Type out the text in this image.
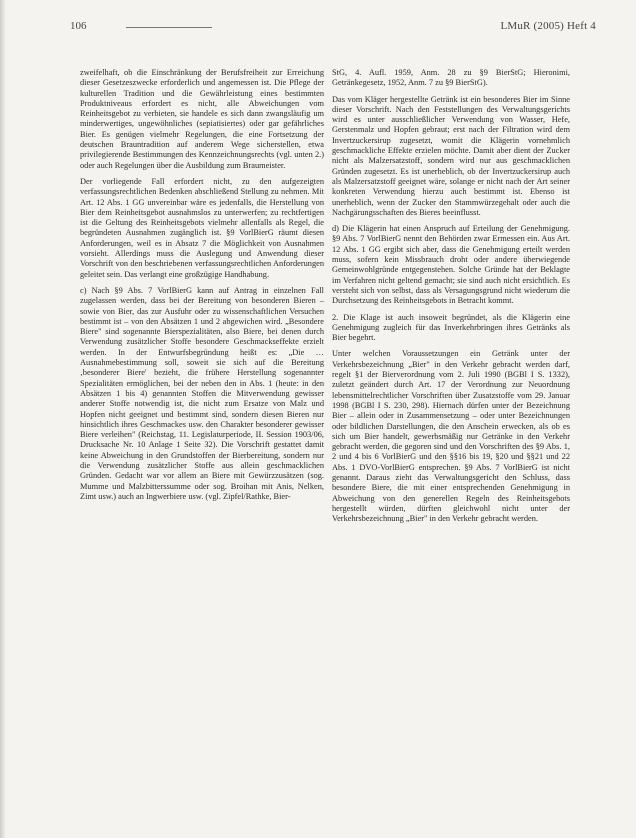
106	LMuR (2005) Heft 4

zweifelhaft, ob die Einschränkung der Berufsfreiheit zur Erreichung dieser Gesetzeszwecke erforderlich und angemessen ist. Die Pflege der kulturellen Tradition und die Gewährleistung eines bestimmten Produktniveaus erfordert es nicht, alle Abweichungen vom Reinheitsgebot zu verbieten, sie handele es sich dann zwangsläufig um minderwertiges, ungewöhnliches (sepiatisiertes) oder gar gefährliches Bier. Es genügen vielmehr Regelungen, die eine Fortsetzung der deutschen Brauntradition auf anderem Wege sicherstellen, etwa privilegierende Bestimmungen des Kennzeichnungsrechts (vgl. unten 2.) oder auch Regelungen über die Ausbildung zum Braumeister.

Der vorliegende Fall erfordert nicht, zu den aufgezeigten verfassungsrechtlichen Bedenken abschließend Stellung zu nehmen. Mit Art. 12 Abs. 1 GG unvereinbar wäre es jedenfalls, die Herstellung von Bier dem Reinheitsgebot ausnahmslos zu unterwerfen; zu rechtfertigen ist die Geltung des Reinheitsgebots vielmehr allenfalls als Regel, die begründeten Ausnahmen zugänglich ist. §9 VorlBierG räumt diesen Anforderungen, weil es in Absatz 7 die Möglichkeit von Ausnahmen vorsieht. Allerdings muss die Auslegung und Anwendung dieser Vorschrift von den beschriebenen verfassungsrechtlichen Anforderungen geleitet sein. Das verlangt eine großzügige Handhabung.

c) Nach §9 Abs. 7 VorlBierG kann auf Antrag in einzelnen Fall zugelassen werden, dass bei der Bereitung von besonderen Bieren – sowie von Bier, das zur Ausfuhr oder zu wissenschaftlichen Versuchen bestimmt ist – von den Absätzen 1 und 2 abgewichen wird. „Besondere Biere" sind sogenannte Bierspezialitäten, also Biere, bei denen durch Verwendung zusätzlicher Stoffe besondere Geschmackseffekte erzielt werden. In der Entwurfsbegründung heißt es: „Die … Ausnahmebestimmung soll, soweit sie sich auf die Bereitung ‚besonderer Biere' bezieht, die frühere Herstellung sogenannter Spezialitäten ermöglichen, bei der neben den in Abs. 1 (heute: in den Absätzen 1 bis 4) genannten Stoffen die Mitverwendung gewisser anderer Stoffe notwendig ist, die nicht zum Ersatze von Malz und Hopfen nicht geeignet und bestimmt sind, sondern diesen Bieren nur hinsichtlich ihres Geschmackes usw. den Charakter besonderer gewisser Biere verleihen" (Reichstag, 11. Legislaturperiode, II. Session 1903/06, Drucksache Nr. 10 Anlage 1 Seite 32). Die Vorschrift gestattet damit keine Abweichung in den Grundstoffen der Bierbereitung, sondern nur die Verwendung zusätzlicher Stoffe aus allein geschmacklichen Gründen. Gedacht war vor allem an Biere mit Gewürzzusätzen (sog. Mumme und Malzbitterssumme oder sog. Broihan mit Anis, Nelken, Zimt usw.) auch an Ingwerbiere usw. (vgl. Zipfel/Rathke, Bier-

StG, 4. Aufl. 1959, Anm. 28 zu §9 BierStG; Hieronimi, Getränkegesetz, 1952, Anm. 7 zu §9 BierStG).

Das vom Kläger hergestellte Getränk ist ein besonderes Bier im Sinne dieser Vorschrift. Nach den Feststellungen des Verwaltungsgerichts wird es unter ausschließlicher Verwendung von Wasser, Hefe, Gerstenmalz und Hopfen gebraut; erst nach der Filtration wird dem Invertzuckersirup zugesetzt, womit die Klägerin vornehmlich geschmackliche Effekte erzielen möchte. Damit aber dient der Zucker nicht als Malzersatzstoff, sondern wird nur aus geschmacklichen Gründen zugesetzt. Es ist unerheblich, ob der Invertzuckersirup auch als Malzersatzstoff geeignet wäre, solange er nicht nach der Art seiner konkreten Verwendung hierzu auch bestimmt ist. Ebenso ist unerheblich, wenn der Zucker den Stammwürzegehalt oder auch die Nachgärungsschaften des Bieres beeinflusst.

d) Die Klägerin hat einen Anspruch auf Erteilung der Genehmigung. §9 Abs. 7 VorlBierG nennt den Behörden zwar Ermessen ein. Aus Art. 12 Abs. 1 GG ergibt sich aber, dass die Genehmigung erteilt werden muss, sofern kein Missbrauch droht oder andere überwiegende Gemeinwohlgründe entgegenstehen. Solche Gründe hat der Beklagte im Verfahren nicht geltend gemacht; sie sind auch nicht ersichtlich. Es versteht sich von selbst, dass als Versagungsgrund nicht wiederum die Durchsetzung des Reinheitsgebots in Betracht kommt.

2. Die Klage ist auch insoweit begründet, als die Klägerin eine Genehmigung zugleich für das Inverkehrbringen ihres Getränks als Bier begehrt.

Unter welchen Voraussetzungen ein Getränk unter der Verkehrsbezeichnung „Bier" in den Verkehr gebracht werden darf, regelt §1 der Bierverordnung vom 2. Juli 1990 (BGBl I S. 1332), zuletzt geändert durch Art. 17 der Verordnung zur Neuordnung lebensmittelrechtlicher Vorschriften über Zusatzstoffe vom 29. Januar 1998 (BGBl I S. 230, 298). Hiernach dürfen unter der Bezeichnung Bier – allein oder in Zusammensetzung – oder unter Bezeichnungen oder bildlichen Darstellungen, die den Anschein erwecken, als ob es sich um Bier handelt, gewerbsmäßig nur Getränke in den Verkehr gebracht werden, die gegoren sind und den Vorschriften des §9 Abs. 1, 2 und 4 bis 6 VorlBierG und den §§16 bis 19, §20 und §§21 und 22 Abs. 1 DVO-VorlBierG entsprechen. §9 Abs. 7 VorlBierG ist nicht genannt. Daraus zieht das Verwaltungsgericht den Schluss, dass besondere Biere, die mit einer entsprechenden Genehmigung in Abweichung von den generellen Regeln des Reinheitsgebots hergestellt würden, dürften gleichwohl nicht unter der Verkehrsbezeichnung „Bier" in den Verkehr gebracht werden.
